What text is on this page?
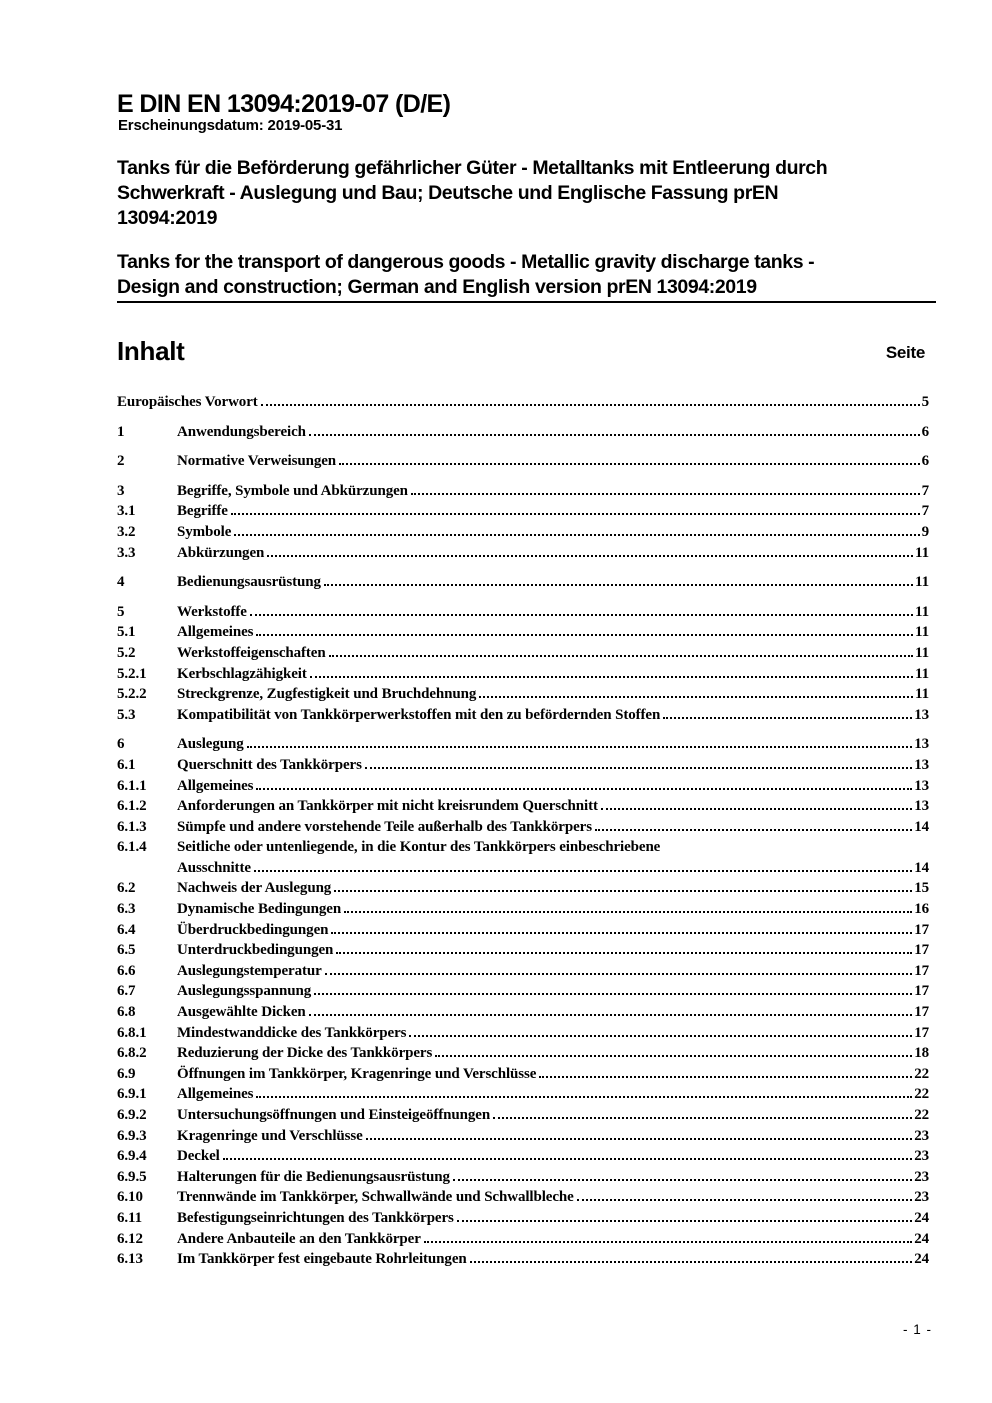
E DIN EN 13094:2019-07 (D/E)
Erscheinungsdatum: 2019-05-31
Tanks für die Beförderung gefährlicher Güter - Metalltanks mit Entleerung durch
Schwerkraft - Auslegung und Bau; Deutsche und Englische Fassung prEN
13094:2019
Tanks for the transport of dangerous goods - Metallic gravity discharge tanks -
Design and construction; German and English version prEN 13094:2019
Inhalt	Seite
Europäisches Vorwort	5
1	Anwendungsbereich	6
2	Normative Verweisungen	6
3	Begriffe, Symbole und Abkürzungen	7
3.1	Begriffe	7
3.2	Symbole	9
3.3	Abkürzungen	11
4	Bedienungsausrüstung	11
5	Werkstoffe	11
5.1	Allgemeines	11
5.2	Werkstoffeigenschaften	11
5.2.1	Kerbschlagzähigkeit	11
5.2.2	Streckgrenze, Zugfestigkeit und Bruchdehnung	11
5.3	Kompatibilität von Tankkörperwerkstoffen mit den zu befördernden Stoffen	13
6	Auslegung	13
6.1	Querschnitt des Tankkörpers	13
6.1.1	Allgemeines	13
6.1.2	Anforderungen an Tankkörper mit nicht kreisrundem Querschnitt	13
6.1.3	Sümpfe und andere vorstehende Teile außerhalb des Tankkörpers	14
6.1.4	Seitliche oder untenliegende, in die Kontur des Tankkörpers einbeschriebene
Ausschnitte	14
6.2	Nachweis der Auslegung	15
6.3	Dynamische Bedingungen	16
6.4	Überdruckbedingungen	17
6.5	Unterdruckbedingungen	17
6.6	Auslegungstemperatur	17
6.7	Auslegungsspannung	17
6.8	Ausgewählte Dicken	17
6.8.1	Mindestwanddicke des Tankkörpers	17
6.8.2	Reduzierung der Dicke des Tankkörpers	18
6.9	Öffnungen im Tankkörper, Kragenringe und Verschlüsse	22
6.9.1	Allgemeines	22
6.9.2	Untersuchungsöffnungen und Einsteigeöffnungen	22
6.9.3	Kragenringe und Verschlüsse	23
6.9.4	Deckel	23
6.9.5	Halterungen für die Bedienungsausrüstung	23
6.10	Trennwände im Tankkörper, Schwallwände und Schwallbleche	23
6.11	Befestigungseinrichtungen des Tankkörpers	24
6.12	Andere Anbauteile an den Tankkörper	24
6.13	Im Tankkörper fest eingebaute Rohrleitungen	24
- 1 -
